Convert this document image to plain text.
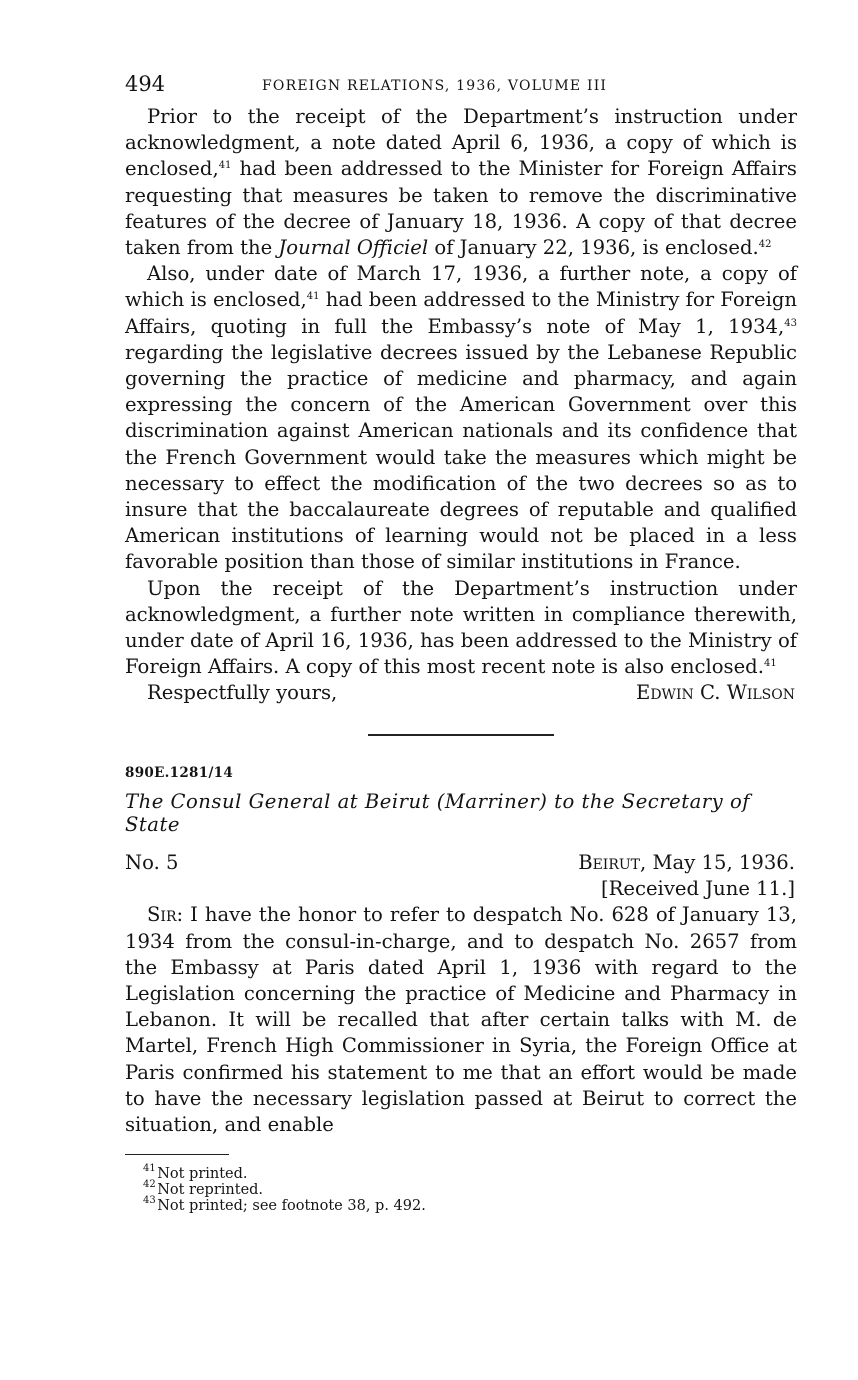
494	FOREIGN RELATIONS, 1936, VOLUME III

Prior to the receipt of the Department’s instruction under acknowledgment, a note dated April 6, 1936, a copy of which is enclosed,$^{41}$ had been addressed to the Minister for Foreign Affairs requesting that measures be taken to remove the discriminative features of the decree of January 18, 1936. A copy of that decree taken from the Journal Officiel of January 22, 1936, is enclosed.$^{42}$

Also, under date of March 17, 1936, a further note, a copy of which is enclosed,$^{41}$ had been addressed to the Ministry for Foreign Affairs, quoting in full the Embassy’s note of May 1, 1934,43 regarding the legislative decrees issued by the Lebanese Republic governing the practice of medicine and pharmacy, and again expressing the concern of the American Government over this discrimination against American nationals and its confidence that the French Government would take the measures which might be necessary to effect the modification of the two decrees so as to insure that the baccalaureate degrees of reputable and qualified American institutions of learning would not be placed in a less favorable position than those of similar institutions in France.

Upon the receipt of the Department’s instruction under acknowledgment, a further note written in compliance therewith, under date of April 16, 1936, has been addressed to the Ministry of Foreign Affairs. A copy of this most recent note is also enclosed.$^{41}$

Respectfully yours,	Edwin C. Wilson
890E.1281/14
The Consul General at Beirut (Marriner) to the Secretary of State
No. 5	Beirut, May 15, 1936.
[Received June 11.]

Sir: I have the honor to refer to despatch No. 628 of January 13, 1934 from the consul-in-charge, and to despatch No. 2657 from the Embassy at Paris dated April 1, 1936 with regard to the Legislation concerning the practice of Medicine and Pharmacy in Lebanon. It will be recalled that after certain talks with M. de Martel, French High Commissioner in Syria, the Foreign Office at Paris confirmed his statement to me that an effort would be made to have the necessary legislation passed at Beirut to correct the situation, and enable

$^{41}$ Not printed.
$^{42}$ Not reprinted.
$^{43}$ Not printed; see footnote 38, p. 492.
